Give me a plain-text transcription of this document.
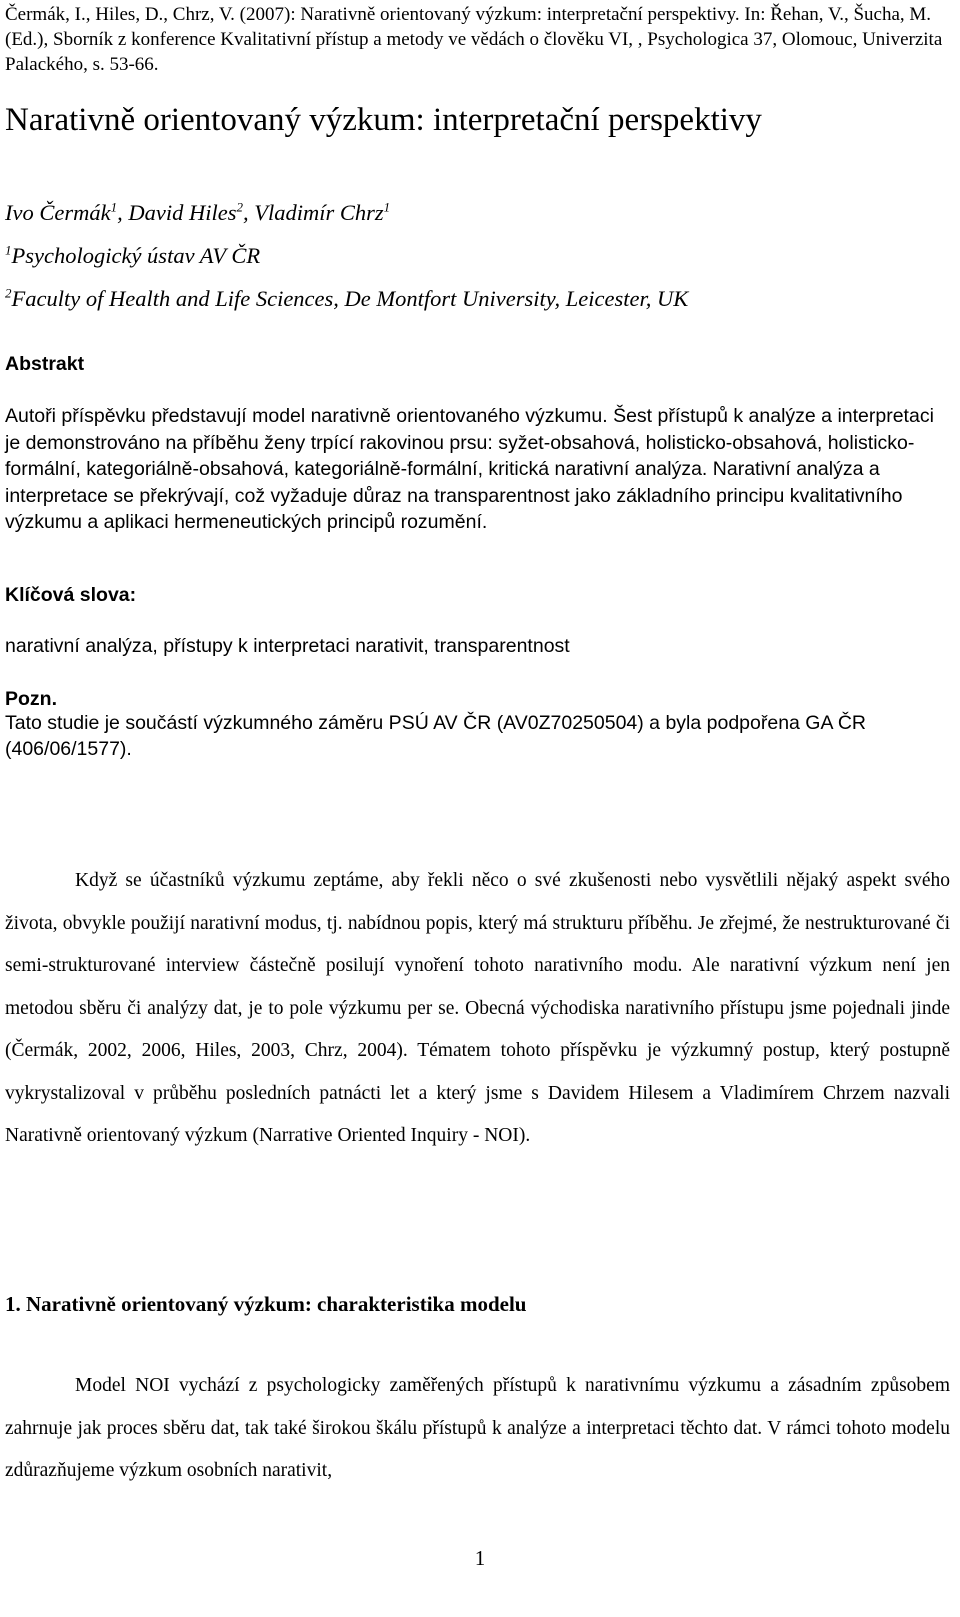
Čermák, I., Hiles, D., Chrz, V. (2007): Narativně orientovaný výzkum: interpretační perspektivy. In: Řehan, V., Šucha, M. (Ed.), Sborník z konference Kvalitativní přístup a metody ve vědách o člověku VI, , Psychologica 37, Olomouc, Univerzita Palackého, s. 53-66.

Narativně orientovaný výzkum: interpretační perspektivy
Ivo Čermák$^1$, David Hiles$^2$, Vladimír Chrz$^1$
$^1$Psychologický ústav AV ČR
$^2$Faculty of Health and Life Sciences, De Montfort University, Leicester, UK
Abstrakt

Autoři příspěvku představují model narativně orientovaného výzkumu. Šest přístupů k analýze a interpretaci je demonstrováno na příběhu ženy trpící rakovinou prsu: syžet-obsahová, holisticko-obsahová, holisticko-formální, kategoriálně-obsahová, kategoriálně-formální, kritická narativní analýza. Narativní analýza a interpretace se překrývají, což vyžaduje důraz na transparentnost jako základního principu kvalitativního výzkumu a aplikaci hermeneutických principů rozumění.

Klíčová slova:

narativní analýza, přístupy k interpretaci narativit, transparentnost

Pozn.

Tato studie je součástí výzkumného záměru PSÚ AV ČR (AV0Z70250504) a byla podpořena GA ČR (406/06/1577).

Když se účastníků výzkumu zeptáme, aby řekli něco o své zkušenosti nebo vysvětlili nějaký aspekt svého života, obvykle použijí narativní modus, tj. nabídnou popis, který má strukturu příběhu. Je zřejmé, že nestrukturované či semi-strukturované interview částečně posilují vynoření tohoto narativního modu. Ale narativní výzkum není jen metodou sběru či analýzy dat, je to pole výzkumu per se. Obecná východiska narativního přístupu jsme pojednali jinde (Čermák, 2002, 2006, Hiles, 2003, Chrz, 2004). Tématem tohoto příspěvku je výzkumný postup, který postupně vykrystalizoval v průběhu posledních patnácti let a který jsme s Davidem Hilesem a Vladimírem Chrzem nazvali Narativně orientovaný výzkum (Narrative Oriented Inquiry - NOI).

1. Narativně orientovaný výzkum: charakteristika modelu

Model NOI vychází z psychologicky zaměřených přístupů k narativnímu výzkumu a zásadním způsobem zahrnuje jak proces sběru dat, tak také širokou škálu přístupů k analýze a interpretaci těchto dat. V rámci tohoto modelu zdůrazňujeme výzkum osobních narativit,

1
